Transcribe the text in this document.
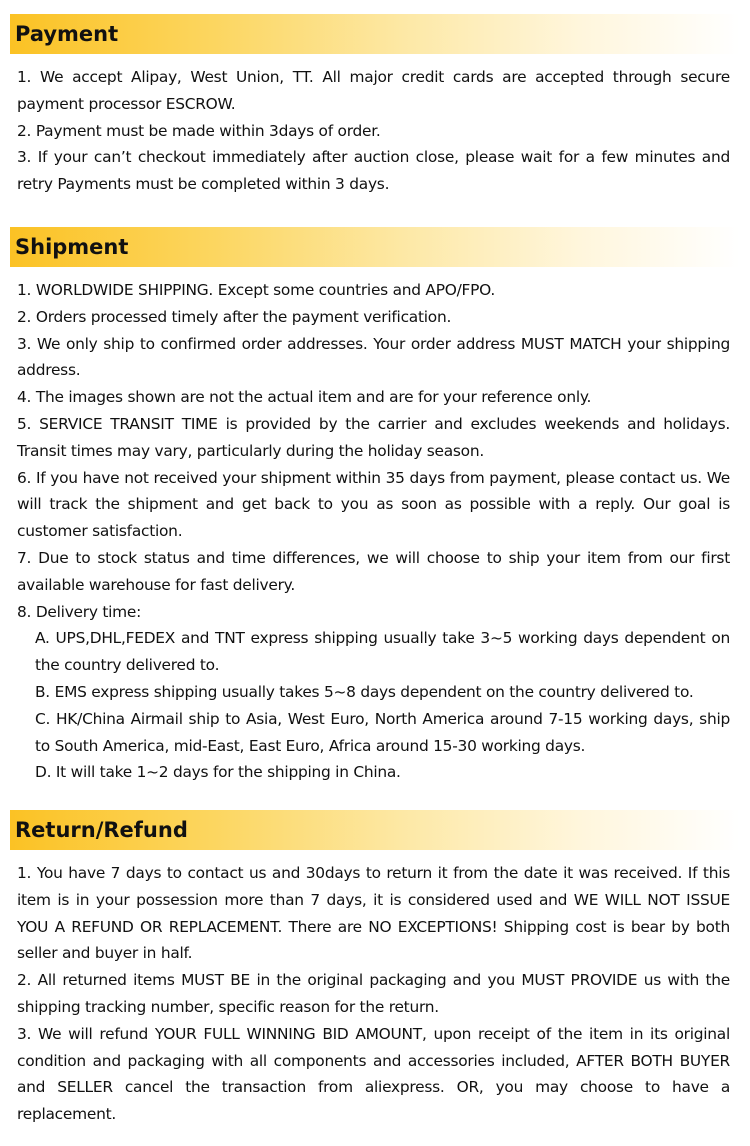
Payment

1. We accept Alipay, West Union, TT. All major credit cards are accepted through secure payment processor ESCROW.

2. Payment must be made within 3days of order.

3. If your can’t checkout immediately after auction close, please wait for a few minutes and retry Payments must be completed within 3 days.

Shipment

1. WORLDWIDE SHIPPING. Except some countries and APO/FPO.

2. Orders processed timely after the payment verification.

3. We only ship to confirmed order addresses. Your order address MUST MATCH your shipping address.

4. The images shown are not the actual item and are for your reference only.

5. SERVICE TRANSIT TIME is provided by the carrier and excludes weekends and holidays. Transit times may vary, particularly during the holiday season.

6. If you have not received your shipment within 35 days from payment, please contact us. We will track the shipment and get back to you as soon as possible with a reply. Our goal is customer satisfaction.

7. Due to stock status and time differences, we will choose to ship your item from our first available warehouse for fast delivery.

8. Delivery time:

A. UPS,DHL,FEDEX and TNT express shipping usually take 3~5 working days dependent on the country delivered to.

B. EMS express shipping usually takes 5~8 days dependent on the country delivered to.

C. HK/China Airmail ship to Asia, West Euro, North America around 7-15 working days, ship to South America, mid-East, East Euro, Africa around 15-30 working days.

D. It will take 1~2 days for the shipping in China.

Return/Refund

1. You have 7 days to contact us and 30days to return it from the date it was received. If this item is in your possession more than 7 days, it is considered used and WE WILL NOT ISSUE YOU A REFUND OR REPLACEMENT. There are NO EXCEPTIONS! Shipping cost is bear by both seller and buyer in half.

2. All returned items MUST BE in the original packaging and you MUST PROVIDE us with the shipping tracking number, specific reason for the return.

3. We will refund YOUR FULL WINNING BID AMOUNT, upon receipt of the item in its original condition and packaging with all components and accessories included, AFTER BOTH BUYER and SELLER cancel the transaction from aliexpress. OR, you may choose to have a replacement.
